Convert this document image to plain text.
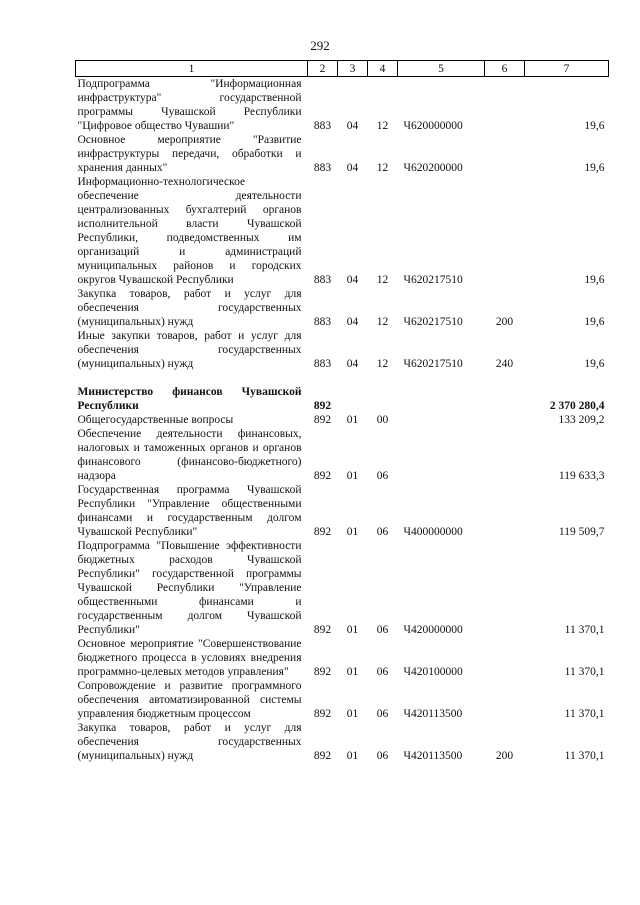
292
1	2	3	4	5	6	7
Подпрограмма "Информационная инфраструктура" государственной программы Чувашской Республики "Цифровое общество Чувашии"	883	04	12	Ч620000000		19,6
Основное мероприятие "Развитие инфраструктуры передачи, обработки и хранения данных"	883	04	12	Ч620200000		19,6
Информационно-технологическое обеспечение деятельности централизованных бухгалтерий органов исполнительной власти Чувашской Республики, подведомственных им организаций и администраций муниципальных районов и городских округов Чувашской Республики	883	04	12	Ч620217510		19,6
Закупка товаров, работ и услуг для обеспечения государственных (муниципальных) нужд	883	04	12	Ч620217510	200	19,6
Иные закупки товаров, работ и услуг для обеспечения государственных (муниципальных) нужд	883	04	12	Ч620217510	240	19,6

Министерство финансов Чувашской Республики	892					2 370 280,4
Общегосударственные вопросы	892	01	00			133 209,2
Обеспечение деятельности финансовых, налоговых и таможенных органов и органов финансового (финансово-бюджетного) надзора	892	01	06			119 633,3
Государственная программа Чувашской Республики "Управление общественными финансами и государственным долгом Чувашской Республики"	892	01	06	Ч400000000		119 509,7
Подпрограмма "Повышение эффективности бюджетных расходов Чувашской Республики" государственной программы Чувашской Республики "Управление общественными финансами и государственным долгом Чувашской Республики"	892	01	06	Ч420000000		11 370,1
Основное мероприятие "Совершенствование бюджетного процесса в условиях внедрения программно-целевых методов управления"	892	01	06	Ч420100000		11 370,1
Сопровождение и развитие программного обеспечения автоматизированной системы управления бюджетным процессом	892	01	06	Ч420113500		11 370,1
Закупка товаров, работ и услуг для обеспечения государственных (муниципальных) нужд	892	01	06	Ч420113500	200	11 370,1
